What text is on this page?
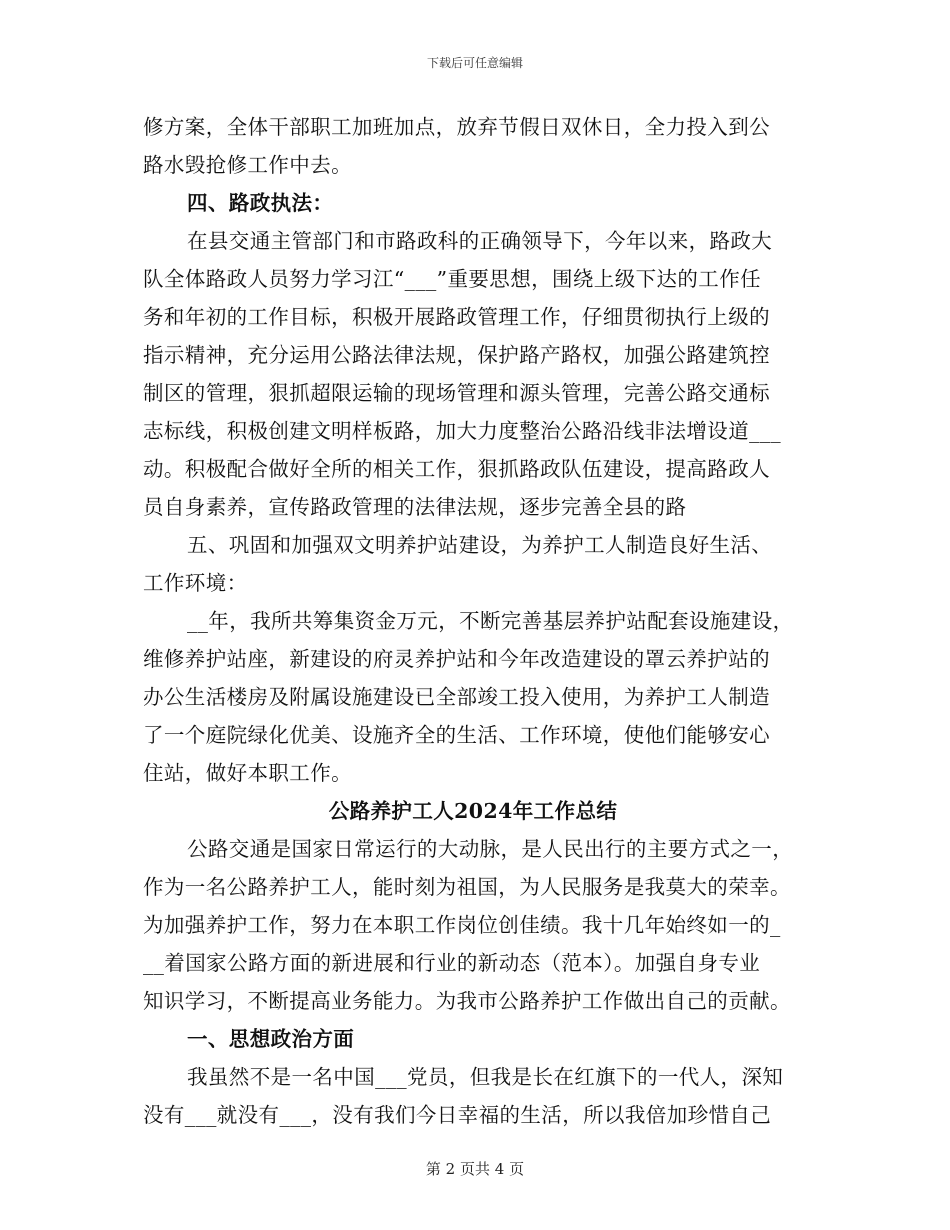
下载后可任意编辑
修方案，全体干部职工加班加点，放弃节假日双休日，全力投入到公
路水毁抢修工作中去。
四、路政执法：
在县交通主管部门和市路政科的正确领导下，今年以来，路政大
队全体路政人员努力学习江“___”重要思想，围绕上级下达的工作任
务和年初的工作目标，积极开展路政管理工作，仔细贯彻执行上级的
指示精神，充分运用公路法律法规，保护路产路权，加强公路建筑控
制区的管理，狠抓超限运输的现场管理和源头管理，完善公路交通标
志标线，积极创建文明样板路，加大力度整治公路沿线非法增设道___
动。积极配合做好全所的相关工作，狠抓路政队伍建设，提高路政人
员自身素养，宣传路政管理的法律法规，逐步完善全县的路
五、巩固和加强双文明养护站建设，为养护工人制造良好生活、
工作环境：
__年，我所共筹集资金万元，不断完善基层养护站配套设施建设，
维修养护站座，新建设的府灵养护站和今年改造建设的罩云养护站的
办公生活楼房及附属设施建设已全部竣工投入使用，为养护工人制造
了一个庭院绿化优美、设施齐全的生活、工作环境，使他们能够安心
住站，做好本职工作。
公路养护工人2024年工作总结
公路交通是国家日常运行的大动脉，是人民出行的主要方式之一，
作为一名公路养护工人，能时刻为祖国，为人民服务是我莫大的荣幸。
为加强养护工作，努力在本职工作岗位创佳绩。我十几年始终如一的_
__着国家公路方面的新进展和行业的新动态（范本）。加强自身专业
知识学习，不断提高业务能力。为我市公路养护工作做出自己的贡献。
一、思想政治方面
我虽然不是一名中国___党员，但我是长在红旗下的一代人，深知
没有___就没有___，没有我们今日幸福的生活，所以我倍加珍惜自己
第 2 页共 4 页
